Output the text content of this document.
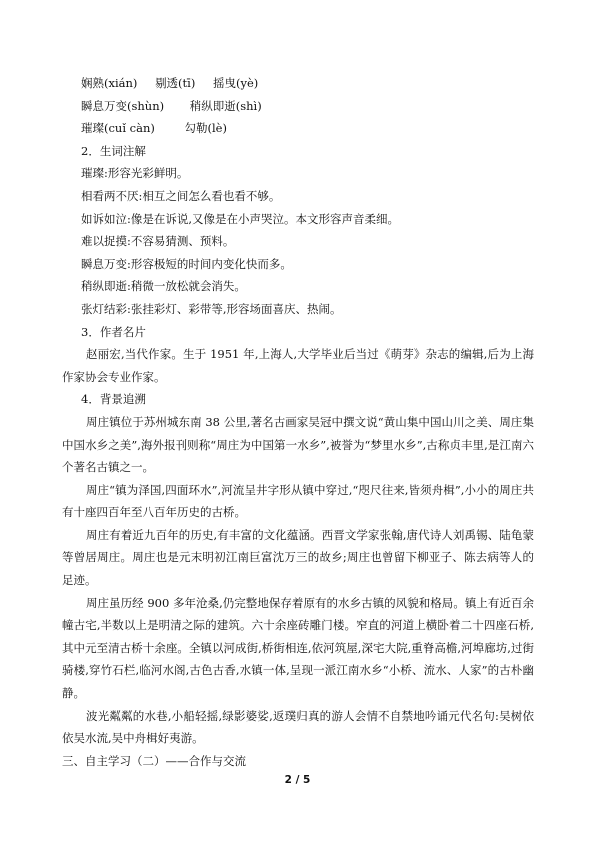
娴熟(xián) 剔透(tī) 摇曳(yè)
瞬息万变(shùn) 稍纵即逝(shì)
璀璨(cuǐ càn)	勾勒(lè)
2．生词注解
璀璨:形容光彩鲜明。
相看两不厌:相互之间怎么看也看不够。
如诉如泣:像是在诉说,又像是在小声哭泣。本文形容声音柔细。
难以捉摸:不容易猜测、预料。
瞬息万变:形容极短的时间内变化快而多。
稍纵即逝:稍微一放松就会消失。
张灯结彩:张挂彩灯、彩带等,形容场面喜庆、热闹。
3．作者名片
赵丽宏,当代作家。生于 1951 年,上海人,大学毕业后当过《萌芽》杂志的编辑,后为上海作家协会专业作家。
4．背景追溯
周庄镇位于苏州城东南 38 公里,著名古画家吴冠中撰文说“黄山集中国山川之美、周庄集中国水乡之美”,海外报刊则称“周庄为中国第一水乡”,被誉为“梦里水乡”,古称贞丰里,是江南六个著名古镇之一。
周庄“镇为泽国,四面环水”,河流呈井字形从镇中穿过,“咫尺往来,皆须舟楫”,小小的周庄共有十座四百年至八百年历史的古桥。
周庄有着近九百年的历史,有丰富的文化蕴涵。西晋文学家张翰,唐代诗人刘禹锡、陆龟蒙等曾居周庄。周庄也是元末明初江南巨富沈万三的故乡;周庄也曾留下柳亚子、陈去病等人的足迹。
周庄虽历经 900 多年沧桑,仍完整地保存着原有的水乡古镇的风貌和格局。镇上有近百余幢古宅,半数以上是明清之际的建筑。六十余座砖雕门楼。窄直的河道上横卧着二十四座石桥,其中元至清古桥十余座。全镇以河成街,桥街相连,依河筑屋,深宅大院,重脊高檐,河埠廊坊,过街骑楼,穿竹石栏,临河水阁,古色古香,水镇一体,呈现一派江南水乡“小桥、流水、人家”的古朴幽静。
波光粼粼的水巷,小船轻摇,绿影婆娑,返璞归真的游人会情不自禁地吟诵元代名句:吴树依依吴水流,吴中舟楫好夷游。
三、自主学习（二）——合作与交流
2 / 5
